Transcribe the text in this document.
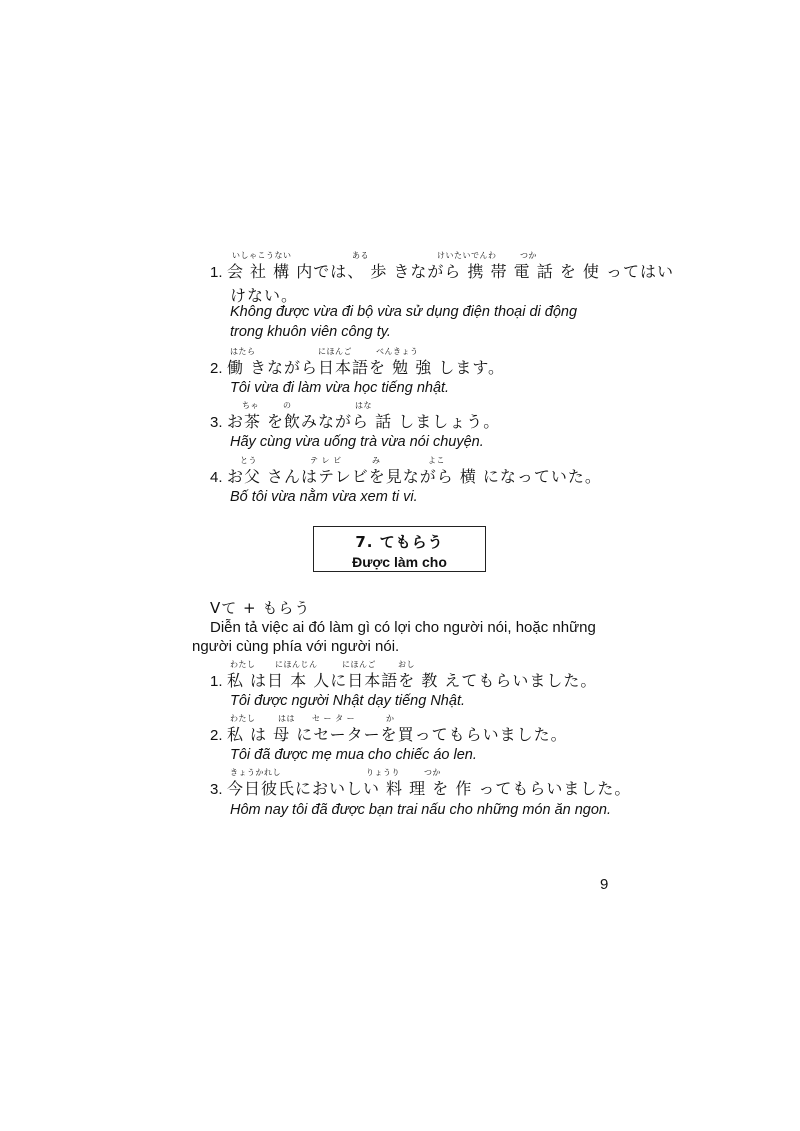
いしゃこうない	ある	けいたいでんわ	つか
1. 会 社 構 内では、 歩 きながら 携 帯 電 話 を 使 ってはい
けない。
Không được vừa đi bộ vừa sử dụng điện thoại di động
trong khuôn viên công ty.
はたら	にほんご	べんきょう
2. 働 きながら日本語を 勉 強 します。
Tôi vừa đi làm vừa học tiếng nhật.
ちゃ	の	はな
3. お茶 を飲みながら 話 しましょう。
Hãy cùng vừa uống trà vừa nói chuyện.
とう	テ レ ビ	み	よこ
4. お父 さんはテレビを見ながら 横 になっていた。
Bố tôi vừa nằm vừa xem ti vi.
7. てもらう
Được làm cho
Vて + もらう
Diễn tả việc ai đó làm gì có lợi cho người nói, hoặc những
người cùng phía với người nói.
わたし にほんじん	にほんご	おし
1. 私 は日 本 人に日本語を 教 えてもらいました。
Tôi được người Nhật dạy tiếng Nhật.
わたし	はは セ ー タ ー	か
2. 私 は 母 にセーターを買ってもらいました。
Tôi đã được mẹ mua cho chiếc áo len.
きょうかれし	りょうり	つか
3. 今日彼氏においしい 料 理 を 作 ってもらいました。
Hôm nay tôi đã được bạn trai nấu cho những món ăn ngon.
9
